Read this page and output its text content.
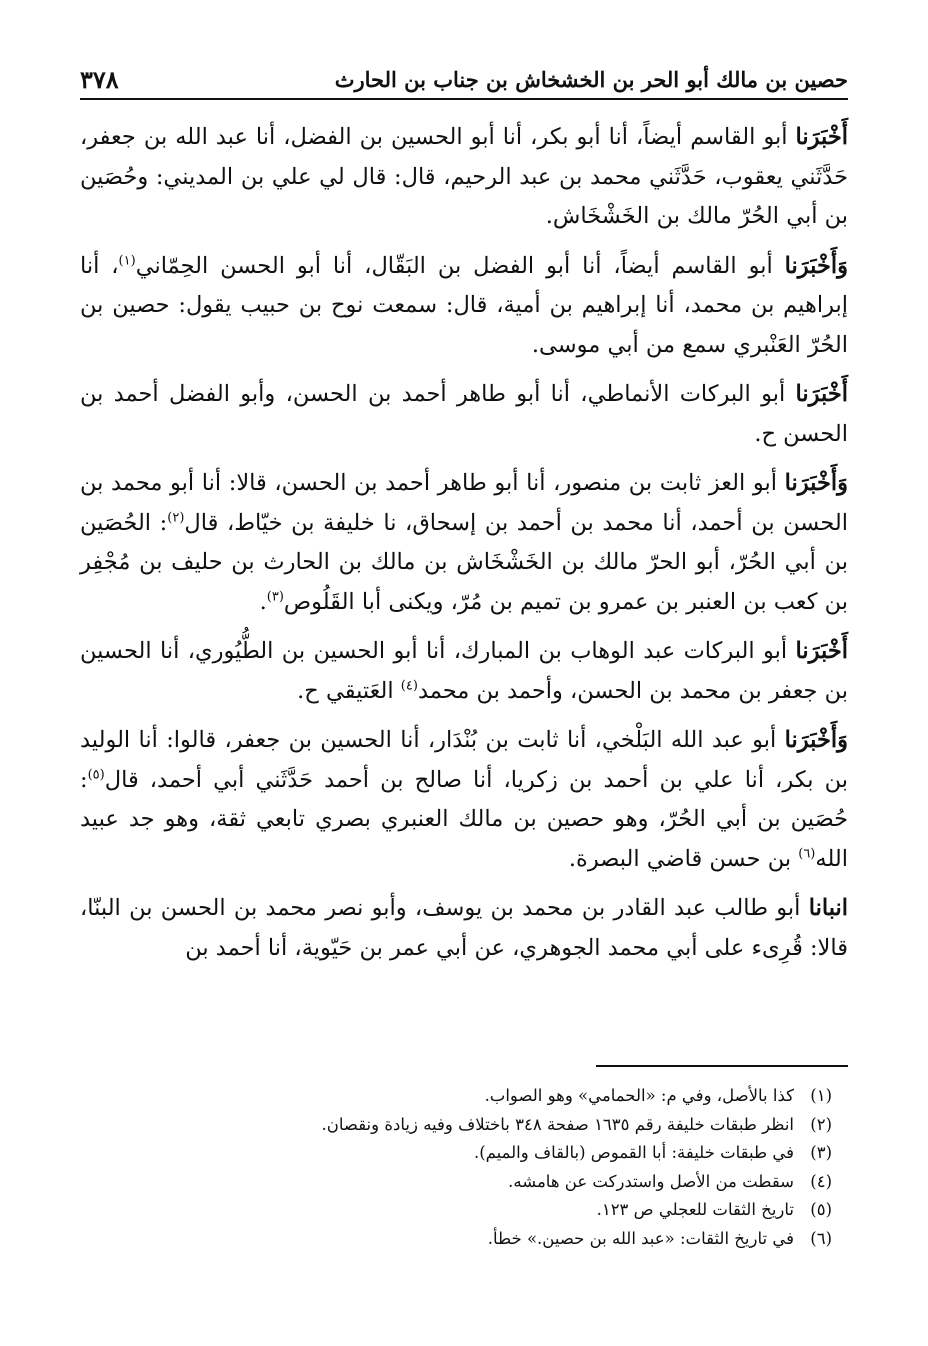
حصين بن مالك أبو الحر بن الخشخاش بن جناب بن الحارث
٣٧٨

أَخْبَرَنا أبو القاسم أيضاً، أنا أبو بكر، أنا أبو الحسين بن الفضل، أنا عبد الله بن جعفر، حَدَّثَني يعقوب، حَدَّثَني محمد بن عبد الرحيم، قال: قال لي علي بن المديني: وحُصَين بن أبي الحُرّ مالك بن الخَشْخَاش.

وَأَخْبَرَنا أبو القاسم أيضاً، أنا أبو الفضل بن البَقّال، أنا أبو الحسن الحِمّاني$^{(١)}$، أنا إبراهيم بن محمد، أنا إبراهيم بن أمية، قال: سمعت نوح بن حبيب يقول: حصين بن الحُرّ العَنْبري سمع من أبي موسى.

أَخْبَرَنا أبو البركات الأنماطي، أنا أبو طاهر أحمد بن الحسن، وأبو الفضل أحمد بن الحسن ح.

وَأَخْبَرَنا أبو العز ثابت بن منصور، أنا أبو طاهر أحمد بن الحسن، قالا: أنا أبو محمد بن الحسن بن أحمد، أنا محمد بن أحمد بن إسحاق، نا خليفة بن خيّاط، قال$^{(٢)}$: الحُصَين بن أبي الحُرّ، أبو الحرّ مالك بن الخَشْخَاش بن مالك بن الحارث بن حليف بن مُجْفِر بن كعب بن العنبر بن عمرو بن تميم بن مُرّ، ويكنى أبا القَلُوص$^{(٣)}$.

أَخْبَرَنا أبو البركات عبد الوهاب بن المبارك، أنا أبو الحسين بن الطُّيُوري، أنا الحسين بن جعفر بن محمد بن الحسن، وأحمد بن محمد$^{(٤)}$ العَتيقي ح.

وَأَخْبَرَنا أبو عبد الله البَلْخي، أنا ثابت بن بُنْدَار، أنا الحسين بن جعفر، قالوا: أنا الوليد بن بكر، أنا علي بن أحمد بن زكريا، أنا صالح بن أحمد حَدَّثَني أبي أحمد، قال$^{(٥)}$: حُصَين بن أبي الحُرّ، وهو حصين بن مالك العنبري بصري تابعي ثقة، وهو جد عبيد الله$^{(٦)}$ بن حسن قاضي البصرة.

انبانا أبو طالب عبد القادر بن محمد بن يوسف، وأبو نصر محمد بن الحسن بن البنّا، قالا: قُرِىء على أبي محمد الجوهري، عن أبي عمر بن حَيّوية، أنا أحمد بن

(١)
كذا بالأصل، وفي م: «الحمامي» وهو الصواب.
(٢)
انظر طبقات خليفة رقم ١٦٣٥ صفحة ٣٤٨ باختلاف وفيه زيادة ونقصان.
(٣)
في طبقات خليفة: أبا القموص (بالقاف والميم).
(٤)
سقطت من الأصل واستدركت عن هامشه.
(٥)
تاريخ الثقات للعجلي ص ١٢٣.
(٦)
في تاريخ الثقات: «عبد الله بن حصين.» خطأ.
